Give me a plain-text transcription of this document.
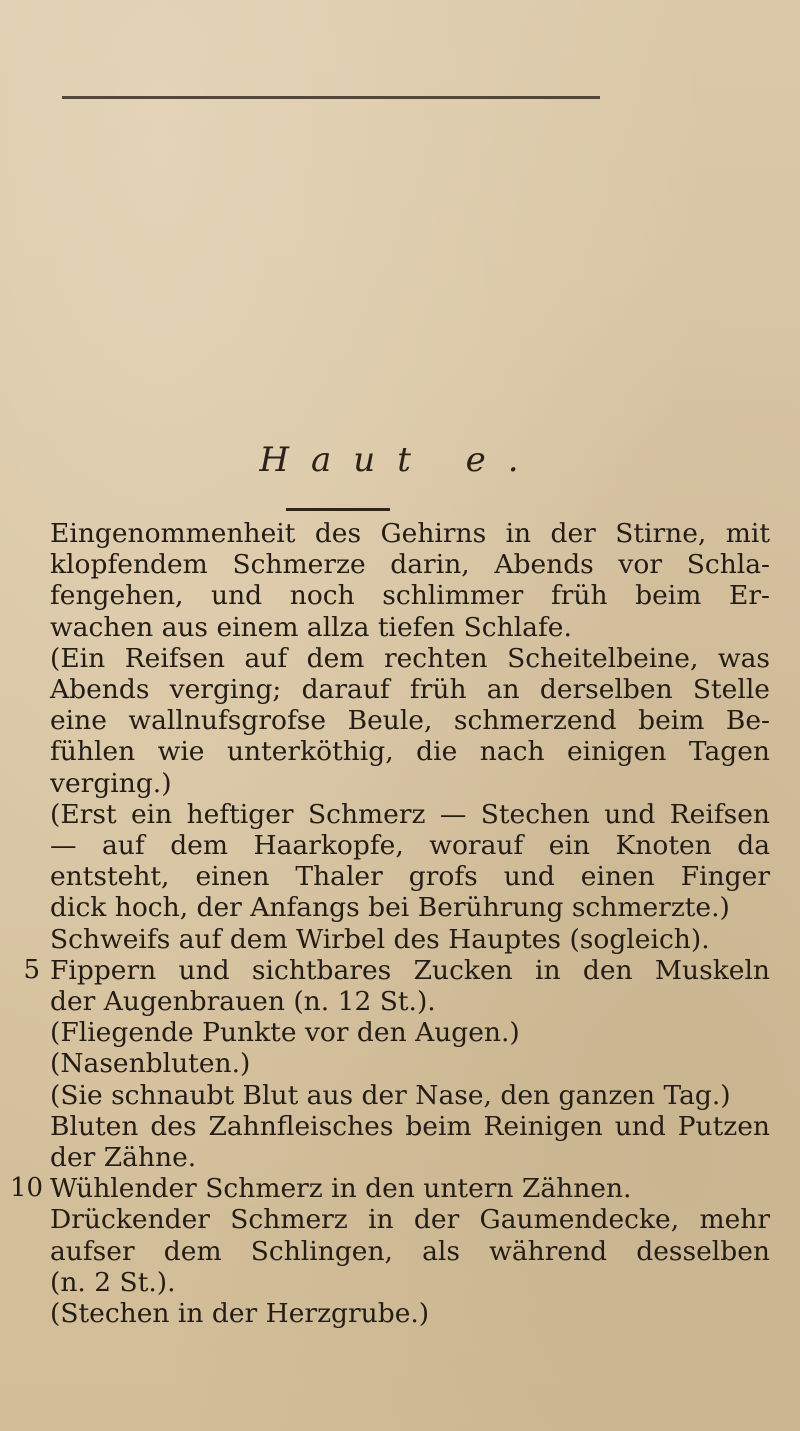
Haut e.
Eingenommenheit des Gehirns in der Stirne, mit
klopfendem Schmerze darin, Abends vor Schla-
fengehen, und noch schlimmer früh beim Er-
wachen aus einem allza tiefen Schlafe.
(Ein Reifsen auf dem rechten Scheitelbeine, was
Abends verging; darauf früh an derselben Stelle
eine wallnufsgrofse Beule, schmerzend beim Be-
fühlen wie unterköthig, die nach einigen Tagen
verging.)
(Erst ein heftiger Schmerz — Stechen und Reifsen
— auf dem Haarkopfe, worauf ein Knoten da
entsteht, einen Thaler grofs und einen Finger
dick hoch, der Anfangs bei Berührung schmerzte.)
Schweifs auf dem Wirbel des Hauptes (sogleich).
5 Fippern und sichtbares Zucken in den Muskeln
der Augenbrauen (n. 12 St.).
(Fliegende Punkte vor den Augen.)
(Nasenbluten.)
(Sie schnaubt Blut aus der Nase, den ganzen Tag.)
Bluten des Zahnfleisches beim Reinigen und Putzen
der Zähne.
10 Wühlender Schmerz in den untern Zähnen.
Drückender Schmerz in der Gaumendecke, mehr
aufser dem Schlingen, als während desselben
(n. 2 St.).
(Stechen in der Herzgrube.)
